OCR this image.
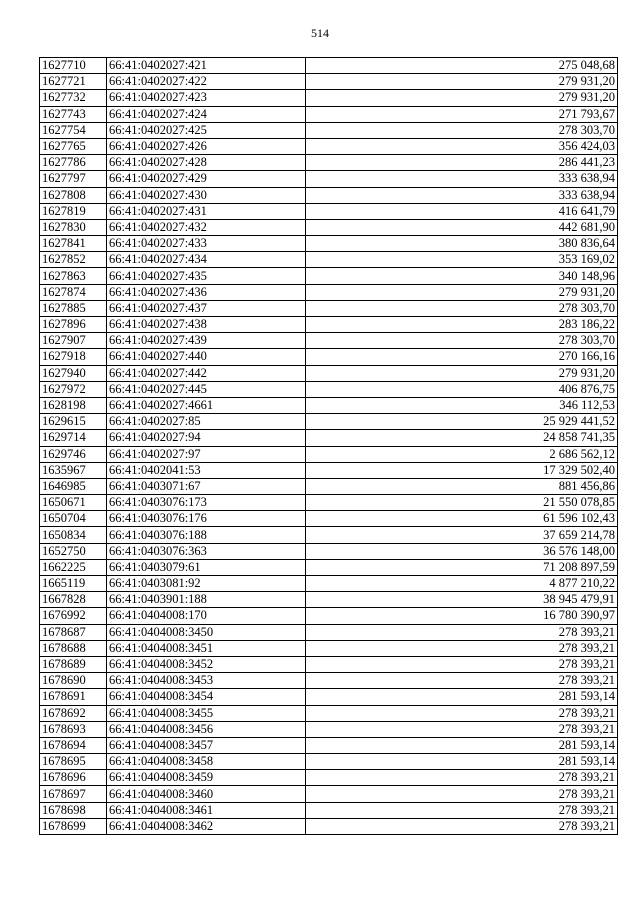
514
1627710	66:41:0402027:421	275 048,68
1627721	66:41:0402027:422	279 931,20
1627732	66:41:0402027:423	279 931,20
1627743	66:41:0402027:424	271 793,67
1627754	66:41:0402027:425	278 303,70
1627765	66:41:0402027:426	356 424,03
1627786	66:41:0402027:428	286 441,23
1627797	66:41:0402027:429	333 638,94
1627808	66:41:0402027:430	333 638,94
1627819	66:41:0402027:431	416 641,79
1627830	66:41:0402027:432	442 681,90
1627841	66:41:0402027:433	380 836,64
1627852	66:41:0402027:434	353 169,02
1627863	66:41:0402027:435	340 148,96
1627874	66:41:0402027:436	279 931,20
1627885	66:41:0402027:437	278 303,70
1627896	66:41:0402027:438	283 186,22
1627907	66:41:0402027:439	278 303,70
1627918	66:41:0402027:440	270 166,16
1627940	66:41:0402027:442	279 931,20
1627972	66:41:0402027:445	406 876,75
1628198	66:41:0402027:4661	346 112,53
1629615	66:41:0402027:85	25 929 441,52
1629714	66:41:0402027:94	24 858 741,35
1629746	66:41:0402027:97	2 686 562,12
1635967	66:41:0402041:53	17 329 502,40
1646985	66:41:0403071:67	881 456,86
1650671	66:41:0403076:173	21 550 078,85
1650704	66:41:0403076:176	61 596 102,43
1650834	66:41:0403076:188	37 659 214,78
1652750	66:41:0403076:363	36 576 148,00
1662225	66:41:0403079:61	71 208 897,59
1665119	66:41:0403081:92	4 877 210,22
1667828	66:41:0403901:188	38 945 479,91
1676992	66:41:0404008:170	16 780 390,97
1678687	66:41:0404008:3450	278 393,21
1678688	66:41:0404008:3451	278 393,21
1678689	66:41:0404008:3452	278 393,21
1678690	66:41:0404008:3453	278 393,21
1678691	66:41:0404008:3454	281 593,14
1678692	66:41:0404008:3455	278 393,21
1678693	66:41:0404008:3456	278 393,21
1678694	66:41:0404008:3457	281 593,14
1678695	66:41:0404008:3458	281 593,14
1678696	66:41:0404008:3459	278 393,21
1678697	66:41:0404008:3460	278 393,21
1678698	66:41:0404008:3461	278 393,21
1678699	66:41:0404008:3462	278 393,21
